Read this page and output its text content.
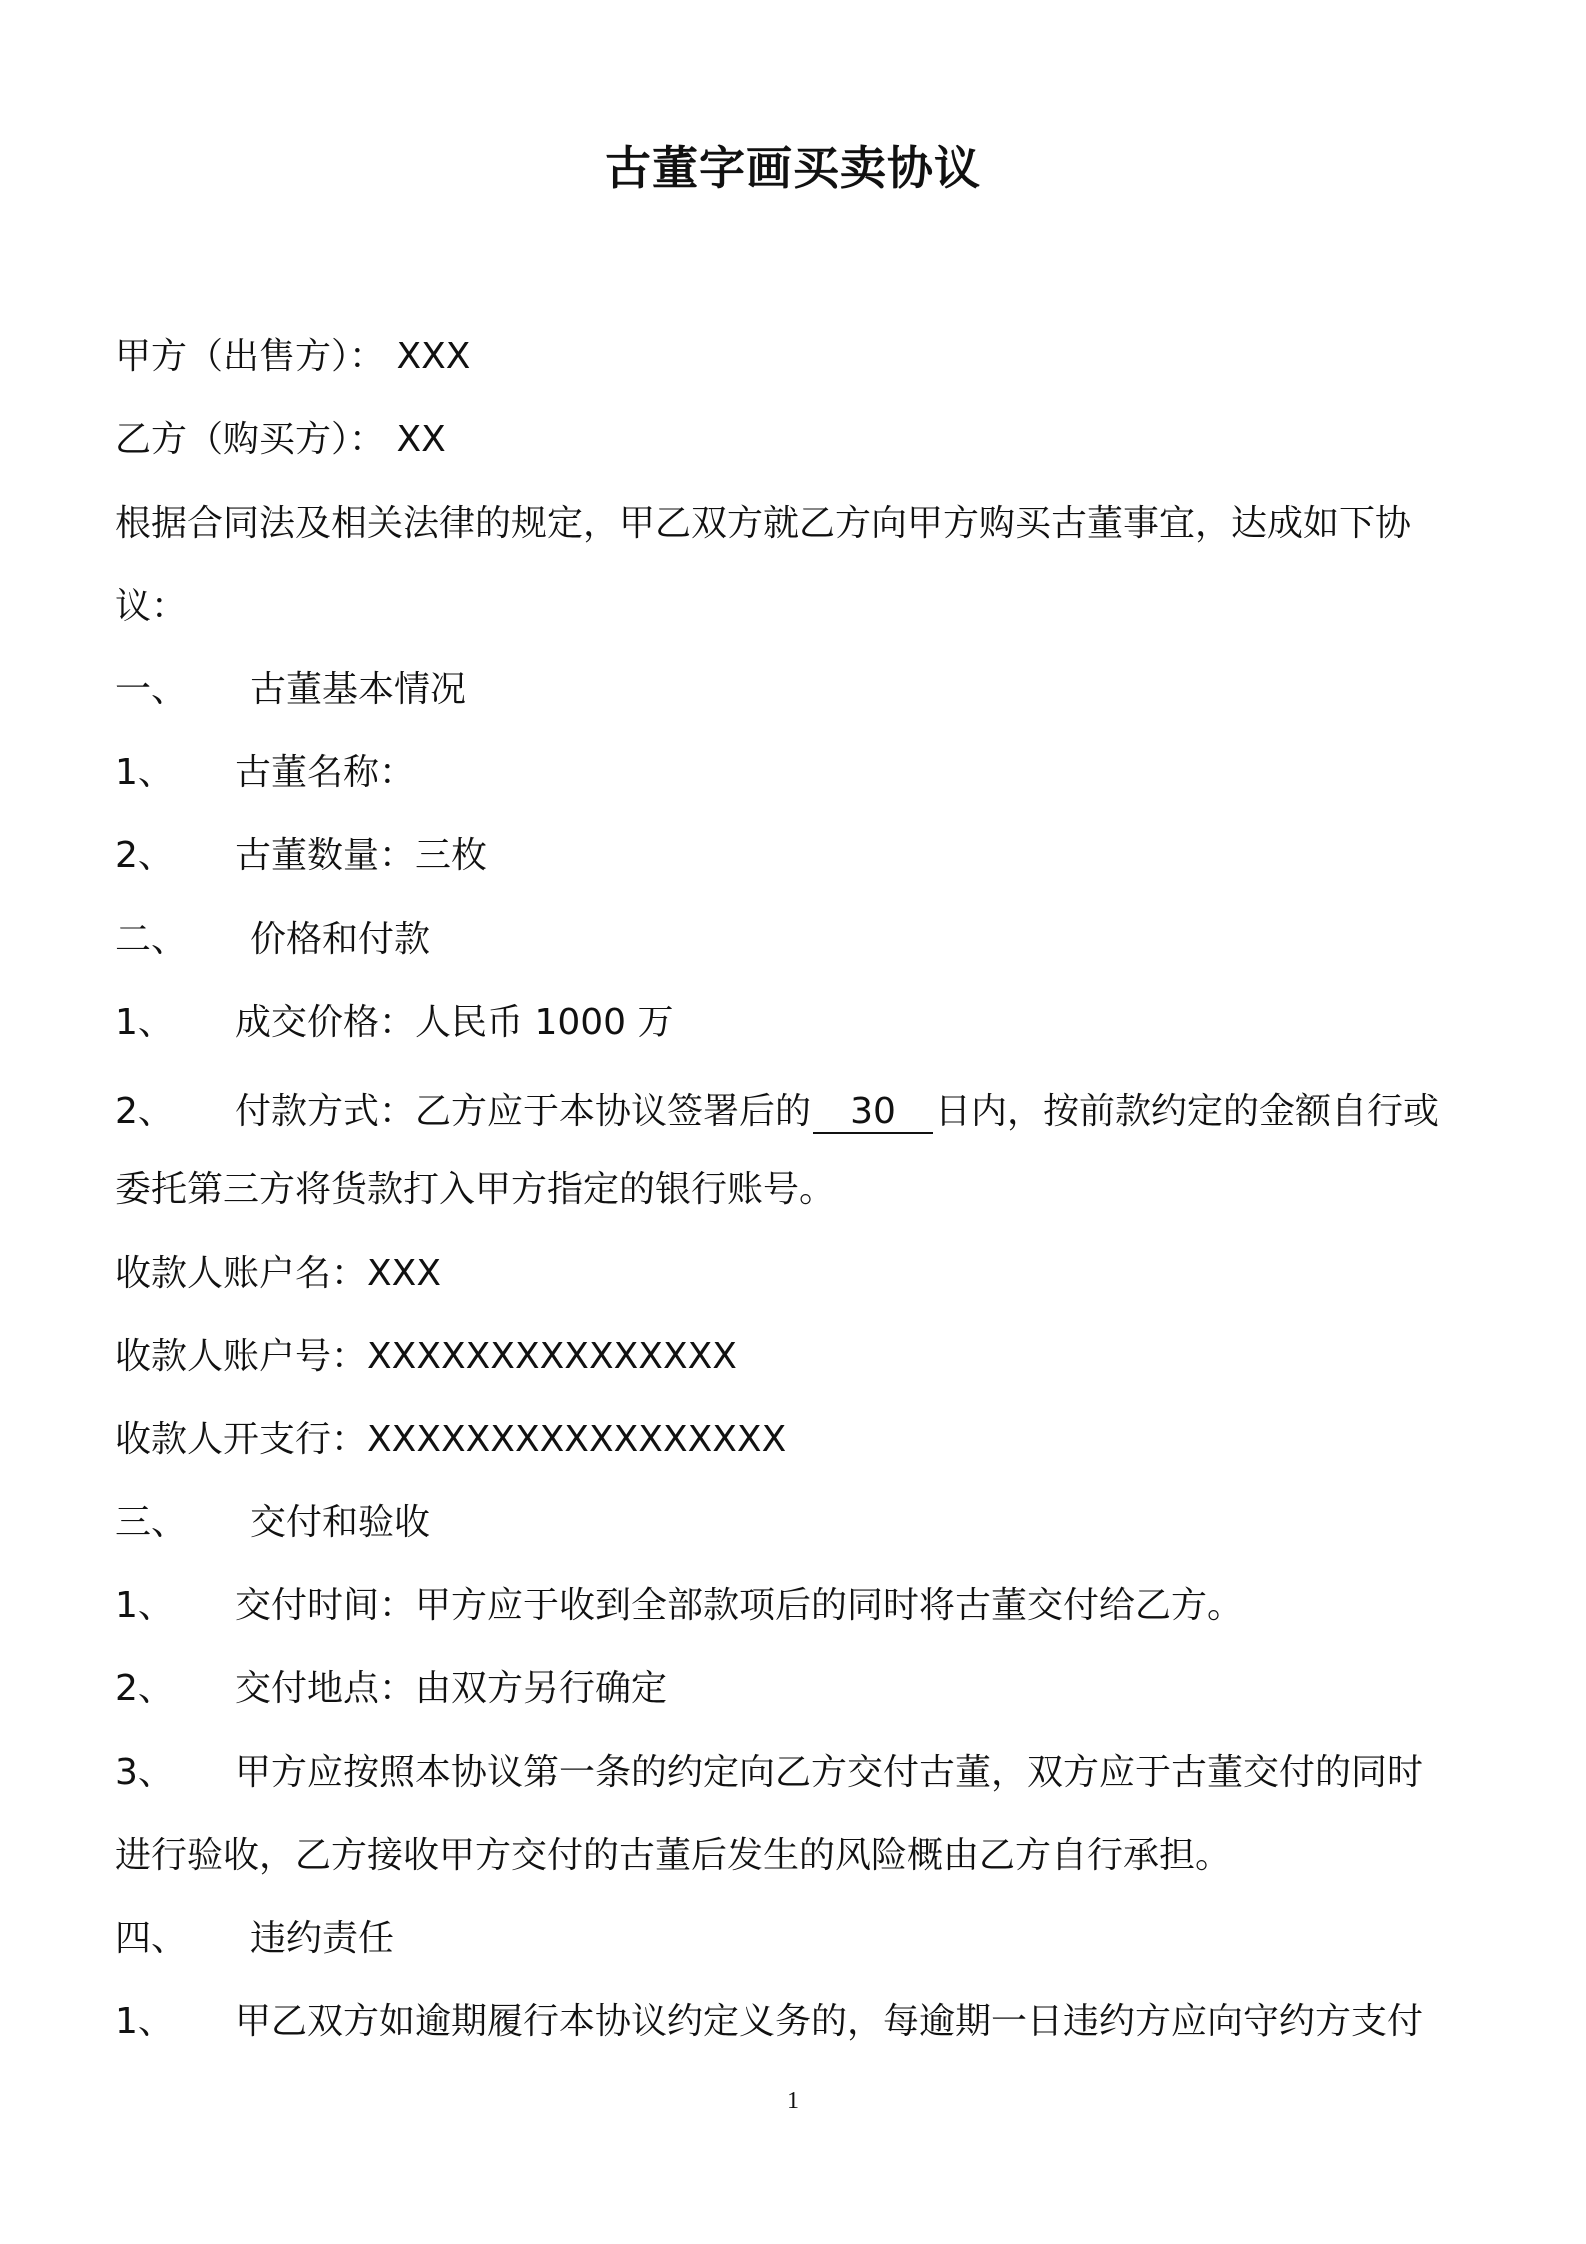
古董字画买卖协议
甲方（出售方）： XXX
乙方（购买方）： XX
根据合同法及相关法律的规定，甲乙双方就乙方向甲方购买古董事宜，达成如下协
议：
一、 古董基本情况
1、 古董名称：
2、 古董数量：三枚
二、 价格和付款
1、 成交价格：人民币 1000 万
2、 付款方式：乙方应于本协议签署后的 30 日内，按前款约定的金额自行或
委托第三方将货款打入甲方指定的银行账号。
收款人账户名：XXX
收款人账户号：XXXXXXXXXXXXXXX
收款人开支行：XXXXXXXXXXXXXXXXX
三、 交付和验收
1、 交付时间：甲方应于收到全部款项后的同时将古董交付给乙方。
2、 交付地点：由双方另行确定
3、 甲方应按照本协议第一条的约定向乙方交付古董，双方应于古董交付的同时
进行验收，乙方接收甲方交付的古董后发生的风险概由乙方自行承担。
四、 违约责任
1、 甲乙双方如逾期履行本协议约定义务的，每逾期一日违约方应向守约方支付
1
